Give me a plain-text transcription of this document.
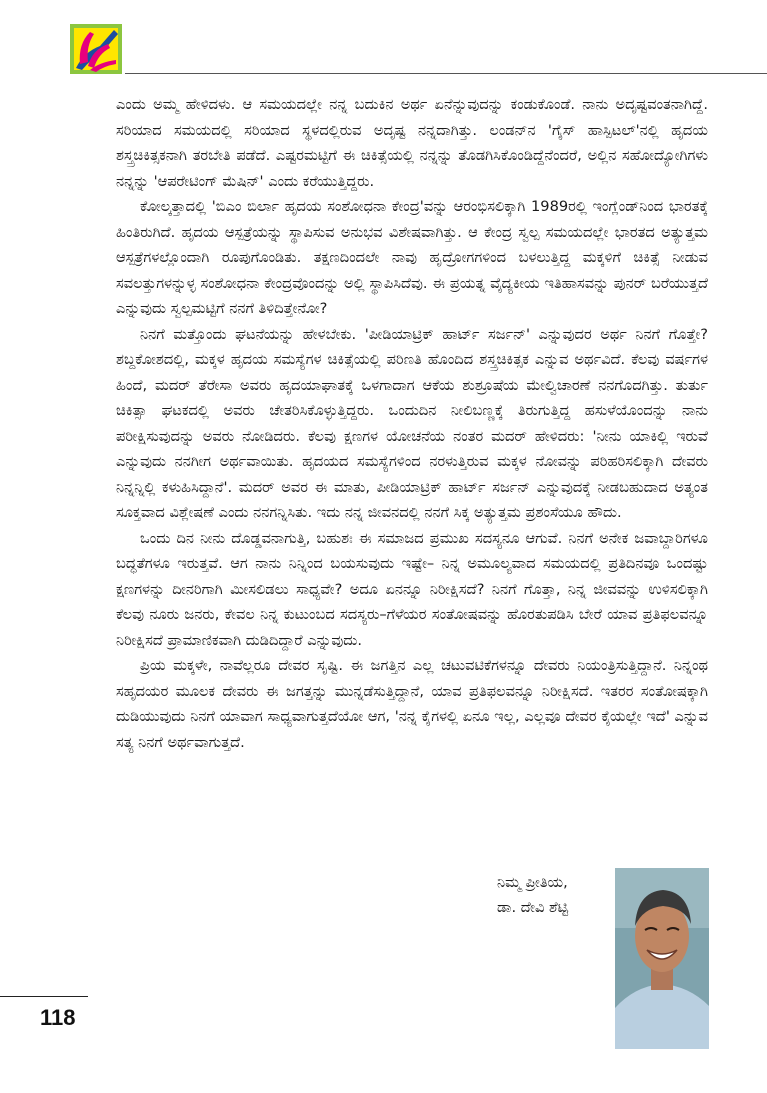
ಎಂದು ಅಮ್ಮ ಹೇಳಿದಳು. ಆ ಸಮಯದಲ್ಲೇ ನನ್ನ ಬದುಕಿನ ಅರ್ಥ ಏನೆನ್ನುವುದನ್ನು ಕಂಡುಕೊಂಡೆ. ನಾನು ಅದೃಷ್ಟವಂತನಾಗಿದ್ದೆ. ಸರಿಯಾದ ಸಮಯದಲ್ಲಿ ಸರಿಯಾದ ಸ್ಥಳದಲ್ಲಿರುವ ಅದೃಷ್ಟ ನನ್ನದಾಗಿತ್ತು. ಲಂಡನ್‌ನ 'ಗೈಸ್ ಹಾಸ್ಪಿಟಲ್'ನಲ್ಲಿ ಹೃದಯ ಶಸ್ತ್ರಚಿಕಿತ್ಸಕನಾಗಿ ತರಬೇತಿ ಪಡೆದೆ. ಎಷ್ಟರಮಟ್ಟಿಗೆ ಈ ಚಿಕಿತ್ಸೆಯಲ್ಲಿ ನನ್ನನ್ನು ತೊಡಗಿಸಿಕೊಂಡಿದ್ದೆನೆಂದರೆ, ಅಲ್ಲಿನ ಸಹೋದ್ಯೋಗಿಗಳು ನನ್ನನ್ನು 'ಆಪರೇಟಿಂಗ್ ಮೆಷಿನ್' ಎಂದು ಕರೆಯುತ್ತಿದ್ದರು.

ಕೋಲ್ಕತ್ತಾದಲ್ಲಿ 'ಬಿಎಂ ಬಿರ್ಲಾ ಹೃದಯ ಸಂಶೋಧನಾ ಕೇಂದ್ರ'ವನ್ನು ಆರಂಭಿಸಲಿಕ್ಕಾಗಿ 1989ರಲ್ಲಿ ಇಂಗ್ಲೆಂಡ್‌ನಿಂದ ಭಾರತಕ್ಕೆ ಹಿಂತಿರುಗಿದೆ. ಹೃದಯ ಆಸ್ಪತ್ರೆಯನ್ನು ಸ್ಥಾಪಿಸುವ ಅನುಭವ ವಿಶೇಷವಾಗಿತ್ತು. ಆ ಕೇಂದ್ರ ಸ್ವಲ್ಪ ಸಮಯದಲ್ಲೇ ಭಾರತದ ಅತ್ಯುತ್ತಮ ಆಸ್ಪತ್ರೆಗಳಲ್ಲೊಂದಾಗಿ ರೂಪುಗೊಂಡಿತು. ತಕ್ಷಣದಿಂದಲೇ ನಾವು ಹೃದ್ರೋಗಗಳಿಂದ ಬಳಲುತ್ತಿದ್ದ ಮಕ್ಕಳಿಗೆ ಚಿಕಿತ್ಸೆ ನೀಡುವ ಸವಲತ್ತುಗಳನ್ನುಳ್ಳ ಸಂಶೋಧನಾ ಕೇಂದ್ರವೊಂದನ್ನು ಅಲ್ಲಿ ಸ್ಥಾಪಿಸಿದೆವು. ಈ ಪ್ರಯತ್ನ ವೈದ್ಯಕೀಯ ಇತಿಹಾಸವನ್ನು ಪುನರ್ ಬರೆಯುತ್ತದೆ ಎನ್ನುವುದು ಸ್ವಲ್ಪಮಟ್ಟಿಗೆ ನನಗೆ ತಿಳಿದಿತ್ತೇನೋ?

ನಿನಗೆ ಮತ್ತೊಂದು ಘಟನೆಯನ್ನು ಹೇಳಬೇಕು. 'ಪೀಡಿಯಾಟ್ರಿಕ್ ಹಾರ್ಟ್ ಸರ್ಜನ್' ಎನ್ನುವುದರ ಅರ್ಥ ನಿನಗೆ ಗೊತ್ತೇ? ಶಬ್ದಕೋಶದಲ್ಲಿ, ಮಕ್ಕಳ ಹೃದಯ ಸಮಸ್ಯೆಗಳ ಚಿಕಿತ್ಸೆಯಲ್ಲಿ ಪರಿಣತಿ ಹೊಂದಿದ ಶಸ್ತ್ರಚಿಕಿತ್ಸಕ ಎನ್ನುವ ಅರ್ಥವಿದೆ. ಕೆಲವು ವರ್ಷಗಳ ಹಿಂದೆ, ಮದರ್ ತೆರೇಸಾ ಅವರು ಹೃದಯಾಘಾತಕ್ಕೆ ಒಳಗಾದಾಗ ಆಕೆಯ ಶುಶ್ರೂಷೆಯ ಮೇಲ್ವಿಚಾರಣೆ ನನಗೊದಗಿತ್ತು. ತುರ್ತು ಚಿಕಿತ್ಸಾ ಘಟಕದಲ್ಲಿ ಅವರು ಚೇತರಿಸಿಕೊಳ್ಳುತ್ತಿದ್ದರು. ಒಂದುದಿನ ನೀಲಿಬಣ್ಣಕ್ಕೆ ತಿರುಗುತ್ತಿದ್ದ ಹಸುಳೆಯೊಂದನ್ನು ನಾನು ಪರೀಕ್ಷಿಸುವುದನ್ನು ಅವರು ನೋಡಿದರು. ಕೆಲವು ಕ್ಷಣಗಳ ಯೋಚನೆಯ ನಂತರ ಮದರ್ ಹೇಳಿದರು: 'ನೀನು ಯಾಕಿಲ್ಲಿ ಇರುವೆ ಎನ್ನುವುದು ನನಗೀಗ ಅರ್ಥವಾಯಿತು. ಹೃದಯದ ಸಮಸ್ಯೆಗಳಿಂದ ನರಳುತ್ತಿರುವ ಮಕ್ಕಳ ನೋವನ್ನು ಪರಿಹರಿಸಲಿಕ್ಕಾಗಿ ದೇವರು ನಿನ್ನನ್ನಿಲ್ಲಿ ಕಳುಹಿಸಿದ್ದಾನೆ'. ಮದರ್ ಅವರ ಈ ಮಾತು, ಪೀಡಿಯಾಟ್ರಿಕ್ ಹಾರ್ಟ್ ಸರ್ಜನ್ ಎನ್ನುವುದಕ್ಕೆ ನೀಡಬಹುದಾದ ಅತ್ಯಂತ ಸೂಕ್ತವಾದ ವಿಶ್ಲೇಷಣೆ ಎಂದು ನನಗನ್ನಿಸಿತು. ಇದು ನನ್ನ ಜೀವನದಲ್ಲಿ ನನಗೆ ಸಿಕ್ಕ ಅತ್ಯುತ್ತಮ ಪ್ರಶಂಸೆಯೂ ಹೌದು.

ಒಂದು ದಿನ ನೀನು ದೊಡ್ಡವನಾಗುತ್ತಿ, ಬಹುಶಃ ಈ ಸಮಾಜದ ಪ್ರಮುಖ ಸದಸ್ಯನೂ ಆಗುವೆ. ನಿನಗೆ ಅನೇಕ ಜವಾಬ್ದಾರಿಗಳೂ ಬದ್ಧತೆಗಳೂ ಇರುತ್ತವೆ. ಆಗ ನಾನು ನಿನ್ನಿಂದ ಬಯಸುವುದು ಇಷ್ಟೇ– ನಿನ್ನ ಅಮೂಲ್ಯವಾದ ಸಮಯದಲ್ಲಿ ಪ್ರತಿದಿನವೂ ಒಂದಷ್ಟು ಕ್ಷಣಗಳನ್ನು ದೀನರಿಗಾಗಿ ಮೀಸಲಿಡಲು ಸಾಧ್ಯವೇ? ಅದೂ ಏನನ್ನೂ ನಿರೀಕ್ಷಿಸದೆ? ನಿನಗೆ ಗೊತ್ತಾ, ನಿನ್ನ ಜೀವವನ್ನು ಉಳಿಸಲಿಕ್ಕಾಗಿ ಕೆಲವು ನೂರು ಜನರು, ಕೇವಲ ನಿನ್ನ ಕುಟುಂಬದ ಸದಸ್ಯರು–ಗೆಳೆಯರ ಸಂತೋಷವನ್ನು ಹೊರತುಪಡಿಸಿ ಬೇರೆ ಯಾವ ಪ್ರತಿಫಲವನ್ನೂ ನಿರೀಕ್ಷಿಸದೆ ಪ್ರಾಮಾಣಿಕವಾಗಿ ದುಡಿದಿದ್ದಾರೆ ಎನ್ನುವುದು.

ಪ್ರಿಯ ಮಕ್ಕಳೇ, ನಾವೆಲ್ಲರೂ ದೇವರ ಸೃಷ್ಟಿ. ಈ ಜಗತ್ತಿನ ಎಲ್ಲ ಚಟುವಟಿಕೆಗಳನ್ನೂ ದೇವರು ನಿಯಂತ್ರಿಸುತ್ತಿದ್ದಾನೆ. ನಿನ್ನಂಥ ಸಹೃದಯರ ಮೂಲಕ ದೇವರು ಈ ಜಗತ್ತನ್ನು ಮುನ್ನಡೆಸುತ್ತಿದ್ದಾನೆ, ಯಾವ ಪ್ರತಿಫಲವನ್ನೂ ನಿರೀಕ್ಷಿಸದೆ. ಇತರರ ಸಂತೋಷಕ್ಕಾಗಿ ದುಡಿಯುವುದು ನಿನಗೆ ಯಾವಾಗ ಸಾಧ್ಯವಾಗುತ್ತದೆಯೋ ಆಗ, 'ನನ್ನ ಕೈಗಳಲ್ಲಿ ಏನೂ ಇಲ್ಲ, ಎಲ್ಲವೂ ದೇವರ ಕೈಯಲ್ಲೇ ಇದೆ' ಎನ್ನುವ ಸತ್ಯ ನಿನಗೆ ಅರ್ಥವಾಗುತ್ತದೆ.

ನಿಮ್ಮ ಪ್ರೀತಿಯ,
ಡಾ. ದೇವಿ ಶೆಟ್ಟಿ
118
